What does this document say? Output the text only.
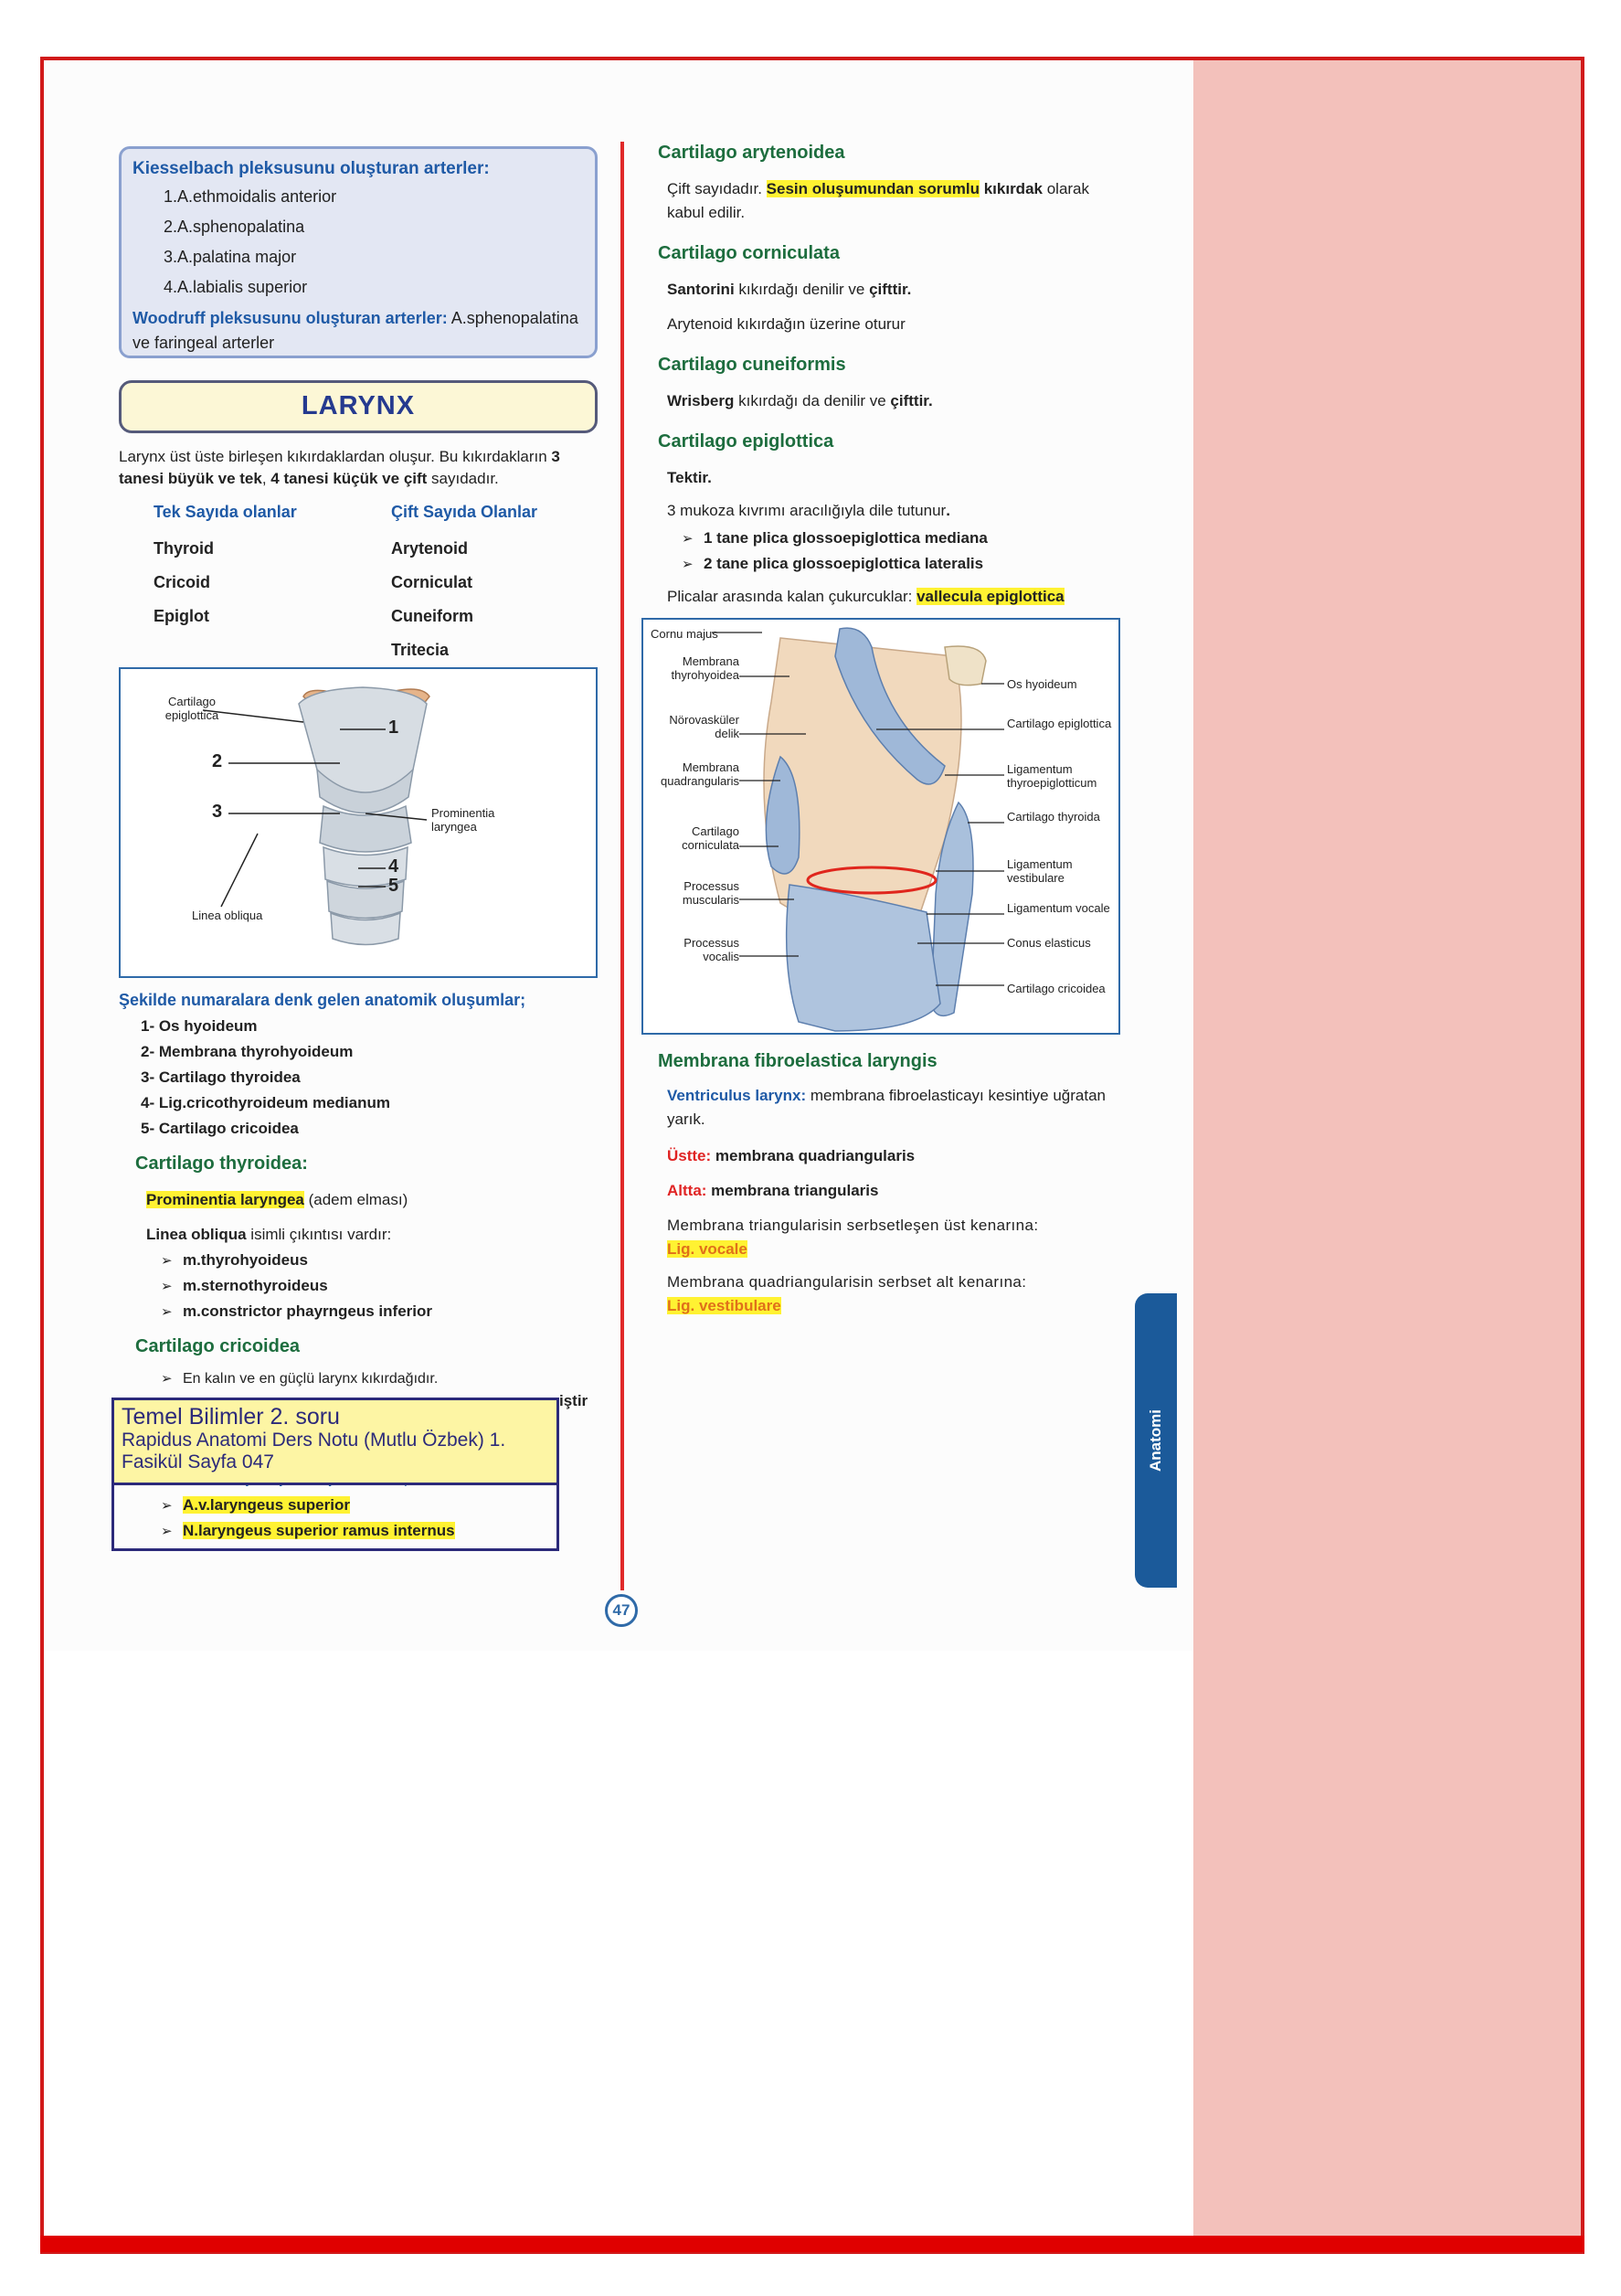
Kiesselbach pleksusunu oluşturan arterler:
1.A.ethmoidalis anterior
2.A.sphenopalatina
3.A.palatina major
4.A.labialis superior
Woodruff pleksusunu oluşturan arterler: A.sphenopalatina ve faringeal arterler
LARYNX
Larynx üst üste birleşen kıkırdaklardan oluşur. Bu kıkırdakların 3 tanesi büyük ve tek, 4 tanesi küçük ve çift sayıdadır.
Tek Sayıda olanlar	Çift Sayıda Olanlar
Thyroid
Cricoid
Epiglot
Arytenoid
Corniculat
Cuneiform
Tritecia
Cartilago epiglottica
Prominentia laryngea
Linea obliqua
1
2
3
4
5
Şekilde numaralara denk gelen anatomik oluşumlar;
1- Os hyoideum
2- Membrana thyrohyoideum
3- Cartilago thyroidea
4- Lig.cricothyroideum medianum
5- Cartilago cricoidea
Cartilago thyroidea:
Prominentia laryngea (adem elması)
Linea obliqua isimli çıkıntısı vardır:
➢ m.thyrohyoideus
➢ m.sternothyroideus
➢ m.constrictor phayrngeus inferior
Cartilago cricoidea
➢ En kalın ve en güçlü larynx kıkırdağıdır.
iştir
➢ A.v.laryngeus superior
➢ N.laryngeus superior ramus internus
Temel Bilimler 2. soru
Rapidus Anatomi Ders Notu (Mutlu Özbek) 1. Fasikül Sayfa 047
Cartilago arytenoidea
Çift sayıdadır. Sesin oluşumundan sorumlu kıkırdak olarak kabul edilir.
Cartilago corniculata
Santorini kıkırdağı denilir ve çifttir.
Arytenoid kıkırdağın üzerine oturur
Cartilago cuneiformis
Wrisberg kıkırdağı da denilir ve çifttir.
Cartilago epiglottica
Tektir.
3 mukoza kıvrımı aracılığıyla dile tutunur.
➢ 1 tane plica glossoepiglottica mediana
➢ 2 tane plica glossoepiglottica lateralis
Plicalar arasında kalan çukurcuklar: vallecula epiglottica
Cornu majus
Membrana thyrohyoidea
Nörovasküler delik
Membrana quadrangularis
Cartilago corniculata
Processus muscularis
Processus vocalis
Os hyoideum
Cartilago epiglottica
Ligamentum thyroepiglotticum
Cartilago thyroida
Ligamentum vestibulare
Ligamentum vocale
Conus elasticus
Cartilago cricoidea
Membrana fibroelastica laryngis
Ventriculus larynx: membrana fibroelasticayı kesintiye uğratan yarık.
Üstte: membrana quadriangularis
Altta: membrana triangularis
Membrana triangularisin serbsetleşen üst kenarına:
Lig. vocale
Membrana quadriangularisin serbset alt kenarına:
Lig. vestibulare
47
Anatomi
